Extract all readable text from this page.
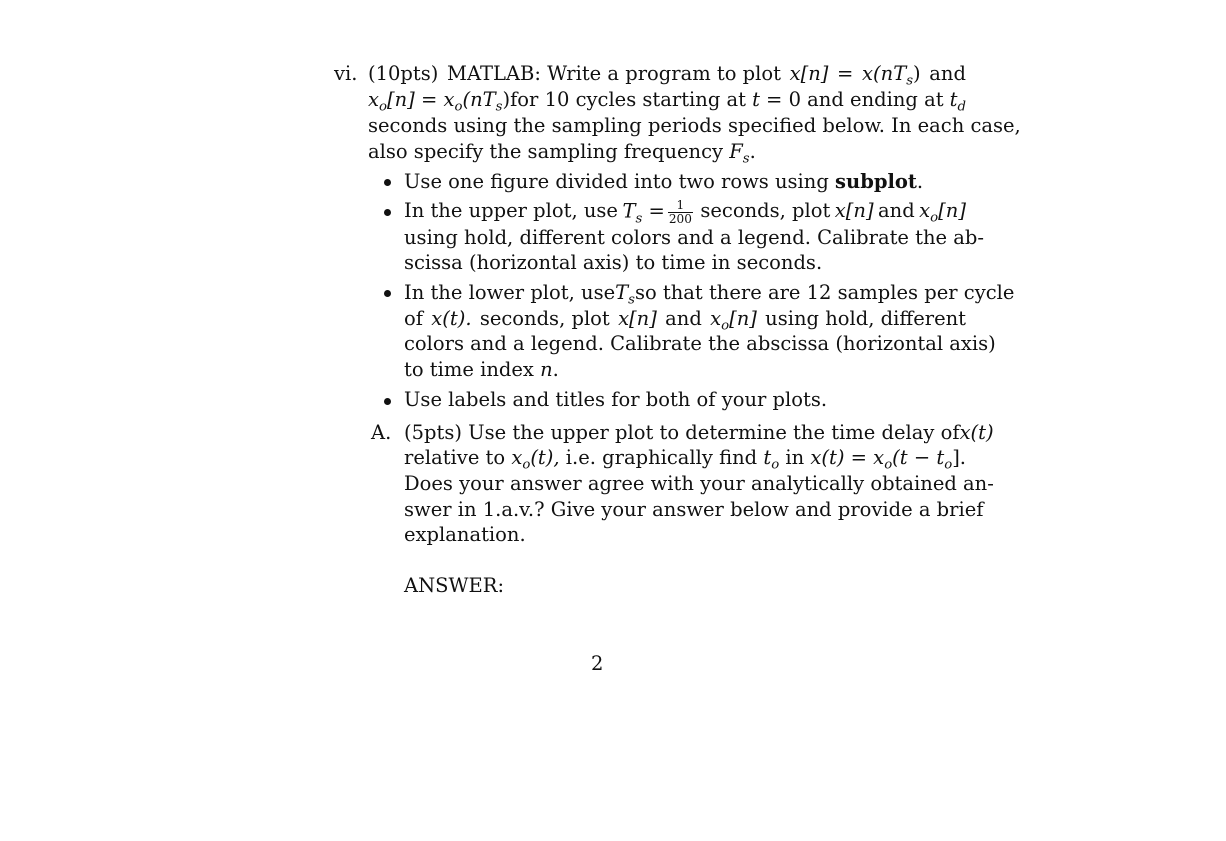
vi. (10pts) MATLAB: Write a program to plot $x[n] = x(nT_s)$ and
$x_o[n] = x_o(nT_s)for$ 10 cycles starting at t = 0 and ending at $t_d$
seconds using the sampling periods specified below. In each case,
also specify the sampling frequency $F_s$.
Use one figure divided into two rows using subplot.
In the upper plot, use $T_s = \frac{1}{200}$ seconds, plot x[n] and $x_o[n]$
using hold, different colors and a legend. Calibrate the ab-
scissa (horizontal axis) to time in seconds.
In the lower plot, use $T_s$ so that there are 12 samples per cycle
of x(t). seconds, plot x[n] and $x_o[n]$ using hold, different
colors and a legend. Calibrate the abscissa (horizontal axis)
to time index n.
Use labels and titles for both of your plots.
A. (5pts) Use the upper plot to determine the time delay of x(t)
relative to $x_o(t)$, i.e. graphically find $t_o$ in $x(t) = x_o(t - t_o]$.
Does your answer agree with your analytically obtained an-
swer in 1.a.v.? Give your answer below and provide a brief
explanation.
ANSWER:
2
